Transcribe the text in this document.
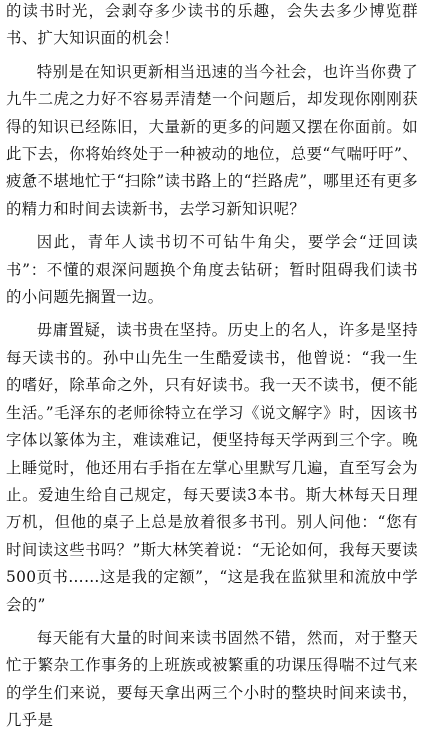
的读书时光，会剥夺多少读书的乐趣，会失去多少博览群书、扩大知识面的机会！

特别是在知识更新相当迅速的当今社会，也许当你费了九牛二虎之力好不容易弄清楚一个问题后，却发现你刚刚获得的知识已经陈旧，大量新的更多的问题又摆在你面前。如此下去，你将始终处于一种被动的地位，总要“气喘吁吁”、疲惫不堪地忙于“扫除”读书路上的“拦路虎”，哪里还有更多的精力和时间去读新书，去学习新知识呢？

因此，青年人读书切不可钻牛角尖，要学会“迂回读书”：不懂的艰深问题换个角度去钻研；暂时阻碍我们读书的小问题先搁置一边。

毋庸置疑，读书贵在坚持。历史上的名人，许多是坚持每天读书的。孙中山先生一生酷爱读书，他曾说：“我一生的嗜好，除革命之外，只有好读书。我一天不读书，便不能生活。”毛泽东的老师徐特立在学习《说文解字》时，因该书字体以篆体为主，难读难记，便坚持每天学两到三个字。晚上睡觉时，他还用右手指在左掌心里默写几遍，直至写会为止。爱迪生给自己规定，每天要读3本书。斯大林每天日理万机，但他的桌子上总是放着很多书刊。别人问他：“您有时间读这些书吗？”斯大林笑着说：“无论如何，我每天要读500页书……这是我的定额”，“这是我在监狱里和流放中学会的”

每天能有大量的时间来读书固然不错，然而，对于整天忙于繁杂工作事务的上班族或被繁重的功课压得喘不过气来的学生们来说，要每天拿出两三个小时的整块时间来读书，几乎是
